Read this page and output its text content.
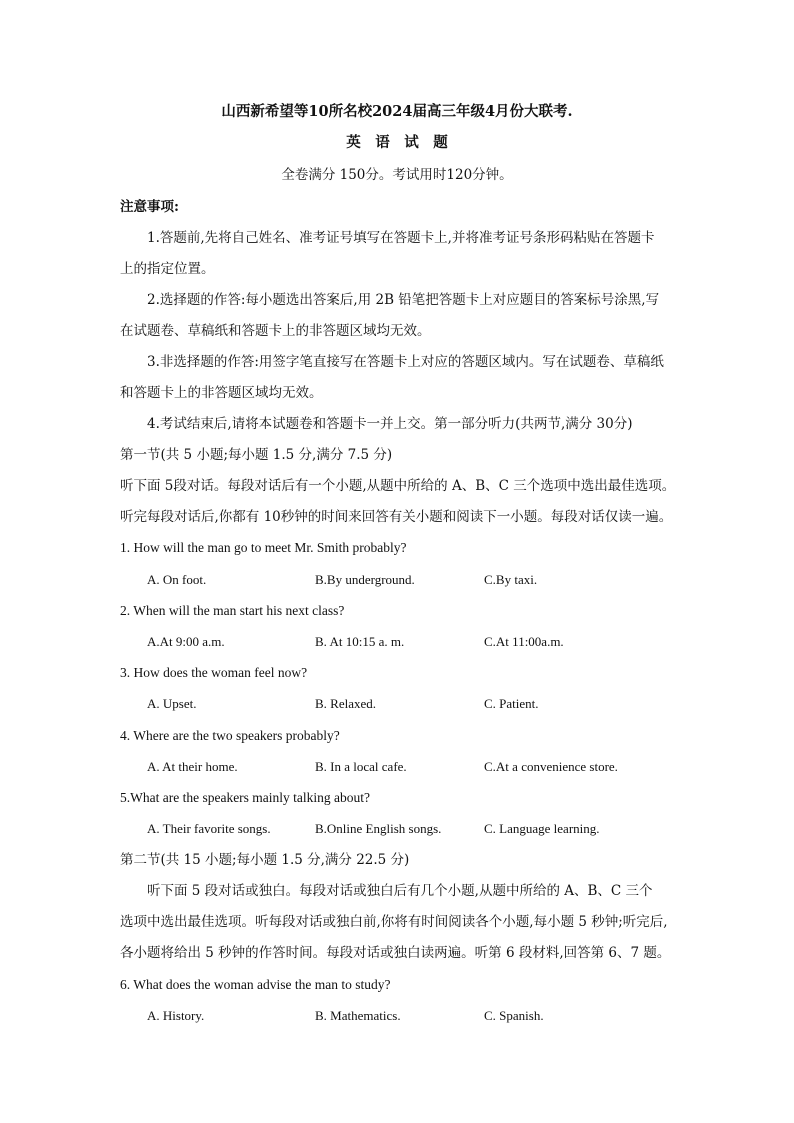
山西新希望等10所名校2024届高三年级4月份大联考.
英　语　试　题
全卷满分 150分。考试用时120分钟。
注意事项:
1.答题前,先将自己姓名、准考证号填写在答题卡上,并将准考证号条形码粘贴在答题卡
上的指定位置。
2.选择题的作答:每小题选出答案后,用 2B 铅笔把答题卡上对应题目的答案标号涂黑,写
在试题卷、草稿纸和答题卡上的非答题区域均无效。
3.非选择题的作答:用签字笔直接写在答题卡上对应的答题区域内。写在试题卷、草稿纸
和答题卡上的非答题区域均无效。
4.考试结束后,请将本试题卷和答题卡一并上交。第一部分听力(共两节,满分 30分)
第一节(共 5 小题;每小题 1.5 分,满分 7.5 分)
听下面 5段对话。每段对话后有一个小题,从题中所给的 A、B、C 三个选项中选出最佳选项。
听完每段对话后,你都有 10秒钟的时间来回答有关小题和阅读下一小题。每段对话仅读一遍。
1. How will the man go to meet Mr. Smith probably?
A. On foot.	B.By underground.	C.By taxi.
2. When will the man start his next class?
A.At 9:00 a.m.	B. At 10:15 a. m.	C.At 11:00a.m.
3. How does the woman feel now?
A. Upset.	B. Relaxed.	C. Patient.
4. Where are the two speakers probably?
A. At their home.	B. In a local cafe.	C.At a convenience store.
5.What are the speakers mainly talking about?
A. Their favorite songs.	B.Online English songs.	C. Language learning.
第二节(共 15 小题;每小题 1.5 分,满分 22.5 分)
听下面 5 段对话或独白。每段对话或独白后有几个小题,从题中所给的 A、B、C 三个
选项中选出最佳选项。听每段对话或独白前,你将有时间阅读各个小题,每小题 5 秒钟;听完后,
各小题将给出 5 秒钟的作答时间。每段对话或独白读两遍。听第 6 段材料,回答第 6、7 题。
6. What does the woman advise the man to study?
A. History.	B. Mathematics.	C. Spanish.
